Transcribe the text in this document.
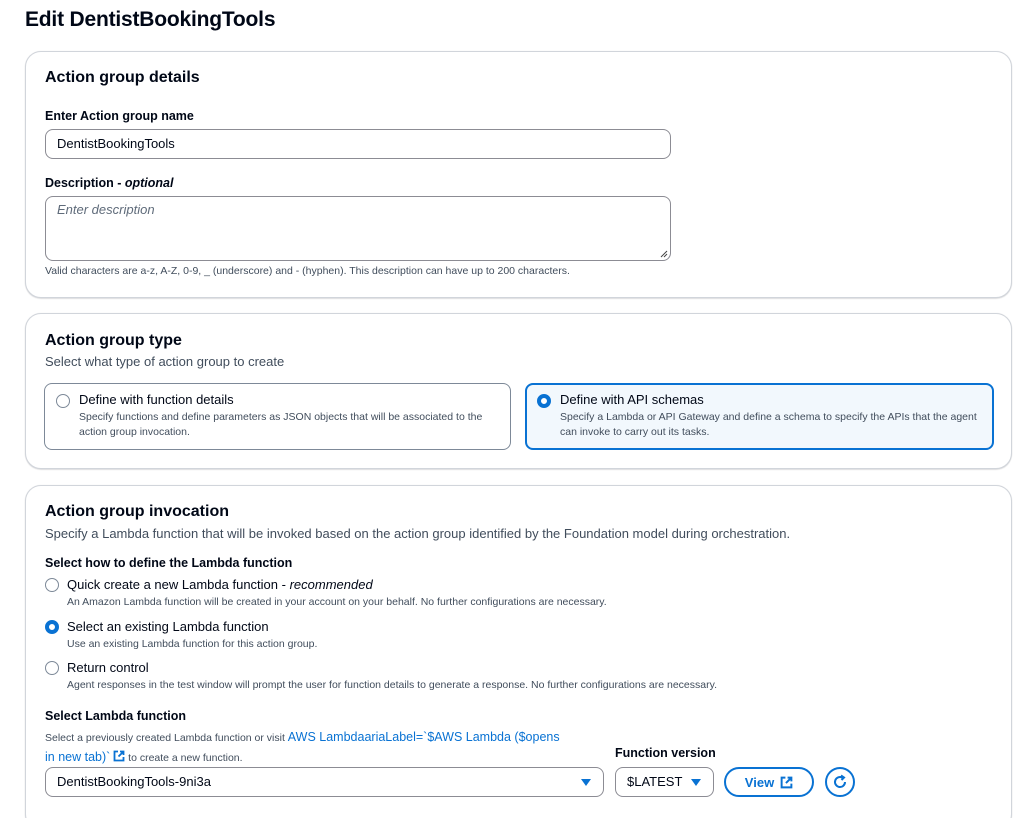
Edit DentistBookingTools
Action group details
Enter Action group name
DentistBookingTools
Description - optional
Enter description
Valid characters are a-z, A-Z, 0-9, _ (underscore) and - (hyphen). This description can have up to 200 characters.
Action group type
Select what type of action group to create
Define with function details
Specify functions and define parameters as JSON objects that will be associated to the action group invocation.
Define with API schemas
Specify a Lambda or API Gateway and define a schema to specify the APIs that the agent can invoke to carry out its tasks.
Action group invocation
Specify a Lambda function that will be invoked based on the action group identified by the Foundation model during orchestration.
Select how to define the Lambda function
Quick create a new Lambda function - recommended
An Amazon Lambda function will be created in your account on your behalf. No further configurations are necessary.
Select an existing Lambda function
Use an existing Lambda function for this action group.
Return control
Agent responses in the test window will prompt the user for function details to generate a response. No further configurations are necessary.
Select Lambda function
Select a previously created Lambda function or visit AWS LambdaariaLabel=`$AWS Lambda ($opens
in new tab)` to create a new function.	Function version
DentistBookingTools-9ni3a	$LATEST	View
